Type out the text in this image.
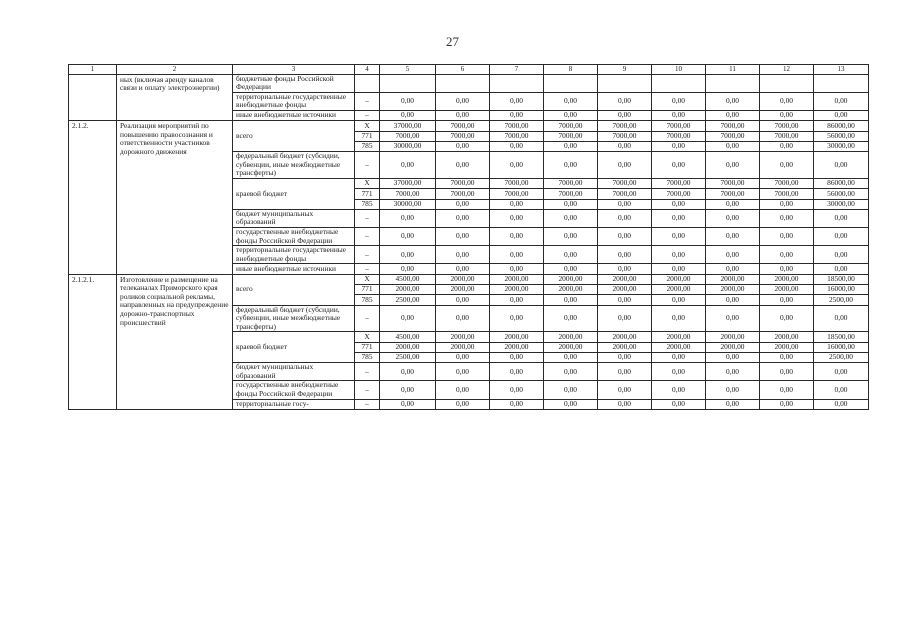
27
1	2	3	4	5	6	7	8	9	10	11	12	13
	ных (включая аренду каналов связи и оплату электроэнергии)	бюджетные фонды Российской Федерации										
		территориальные государственные внебюджетные фонды	–	0,00	0,00	0,00	0,00	0,00	0,00	0,00	0,00	0,00
		иные внебюджетные источники	–	0,00	0,00	0,00	0,00	0,00	0,00	0,00	0,00	0,00
2.1.2.	Реализация мероприятий по повышению правосознания и ответственности участников дорожного движения	всего	X	37000,00	7000,00	7000,00	7000,00	7000,00	7000,00	7000,00	7000,00	86000,00
			771	7000,00	7000,00	7000,00	7000,00	7000,00	7000,00	7000,00	7000,00	56000,00
			785	30000,00	0,00	0,00	0,00	0,00	0,00	0,00	0,00	30000,00
		федеральный бюджет (субсидии, субвенции, иные межбюджетные трансферты)	–	0,00	0,00	0,00	0,00	0,00	0,00	0,00	0,00	0,00
		краевой бюджет	X	37000,00	7000,00	7000,00	7000,00	7000,00	7000,00	7000,00	7000,00	86000,00
			771	7000,00	7000,00	7000,00	7000,00	7000,00	7000,00	7000,00	7000,00	56000,00
			785	30000,00	0,00	0,00	0,00	0,00	0,00	0,00	0,00	30000,00
		бюджет муниципальных образований	–	0,00	0,00	0,00	0,00	0,00	0,00	0,00	0,00	0,00
		государственные внебюджетные фонды Российской Федерации	–	0,00	0,00	0,00	0,00	0,00	0,00	0,00	0,00	0,00
		территориальные государственные внебюджетные фонды	–	0,00	0,00	0,00	0,00	0,00	0,00	0,00	0,00	0,00
		иные внебюджетные источники	–	0,00	0,00	0,00	0,00	0,00	0,00	0,00	0,00	0,00
2.1.2.1.	Изготовление и размещение на телеканалах Приморского края роликов социальной рекламы, направленных на предупреждение дорожно-транспортных происшествий	всего	X	4500,00	2000,00	2000,00	2000,00	2000,00	2000,00	2000,00	2000,00	18500,00
			771	2000,00	2000,00	2000,00	2000,00	2000,00	2000,00	2000,00	2000,00	16000,00
			785	2500,00	0,00	0,00	0,00	0,00	0,00	0,00	0,00	2500,00
		федеральный бюджет (субсидии, субвенции, иные межбюджетные трансферты)	–	0,00	0,00	0,00	0,00	0,00	0,00	0,00	0,00	0,00
		краевой бюджет	X	4500,00	2000,00	2000,00	2000,00	2000,00	2000,00	2000,00	2000,00	18500,00
			771	2000,00	2000,00	2000,00	2000,00	2000,00	2000,00	2000,00	2000,00	16000,00
			785	2500,00	0,00	0,00	0,00	0,00	0,00	0,00	0,00	2500,00
		бюджет муниципальных образований	–	0,00	0,00	0,00	0,00	0,00	0,00	0,00	0,00	0,00
		государственные внебюджетные фонды Российской Федерации	–	0,00	0,00	0,00	0,00	0,00	0,00	0,00	0,00	0,00
		территориальные госу-	–	0,00	0,00	0,00	0,00	0,00	0,00	0,00	0,00	0,00
